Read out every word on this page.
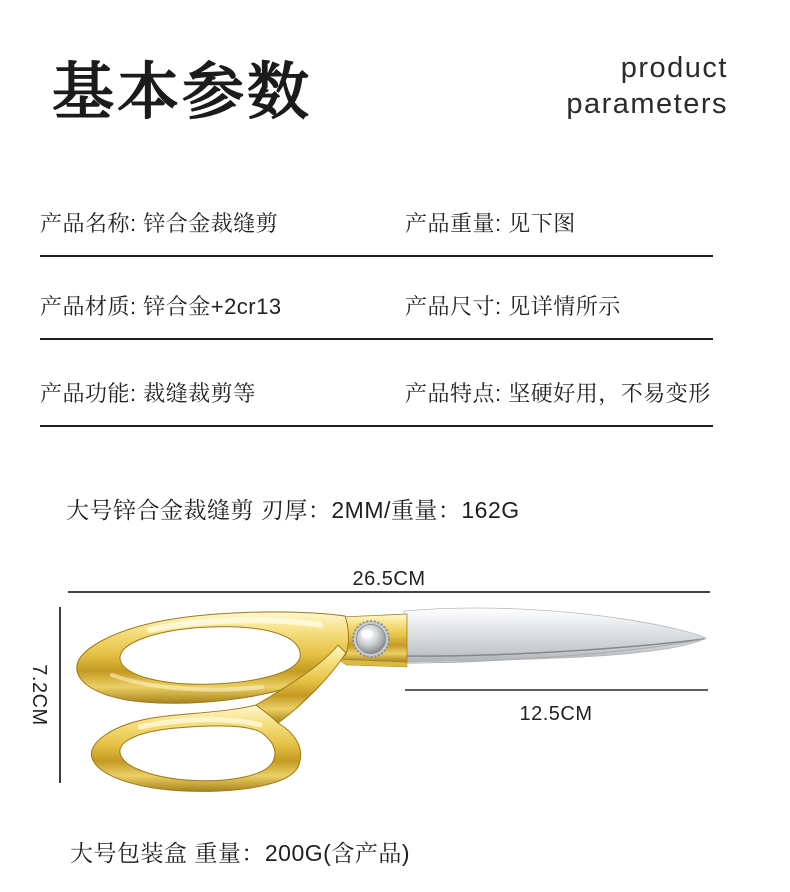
基本参数	product
parameters
产品名称: 锌合金裁缝剪	产品重量: 见下图
产品材质: 锌合金+2cr13	产品尺寸: 见详情所示
产品功能: 裁缝裁剪等	产品特点: 坚硬好用，不易变形
大号锌合金裁缝剪 刃厚：2MM/重量：162G
26.5CM
7.2CM	12.5CM
大号包装盒 重量：200G(含产品)
